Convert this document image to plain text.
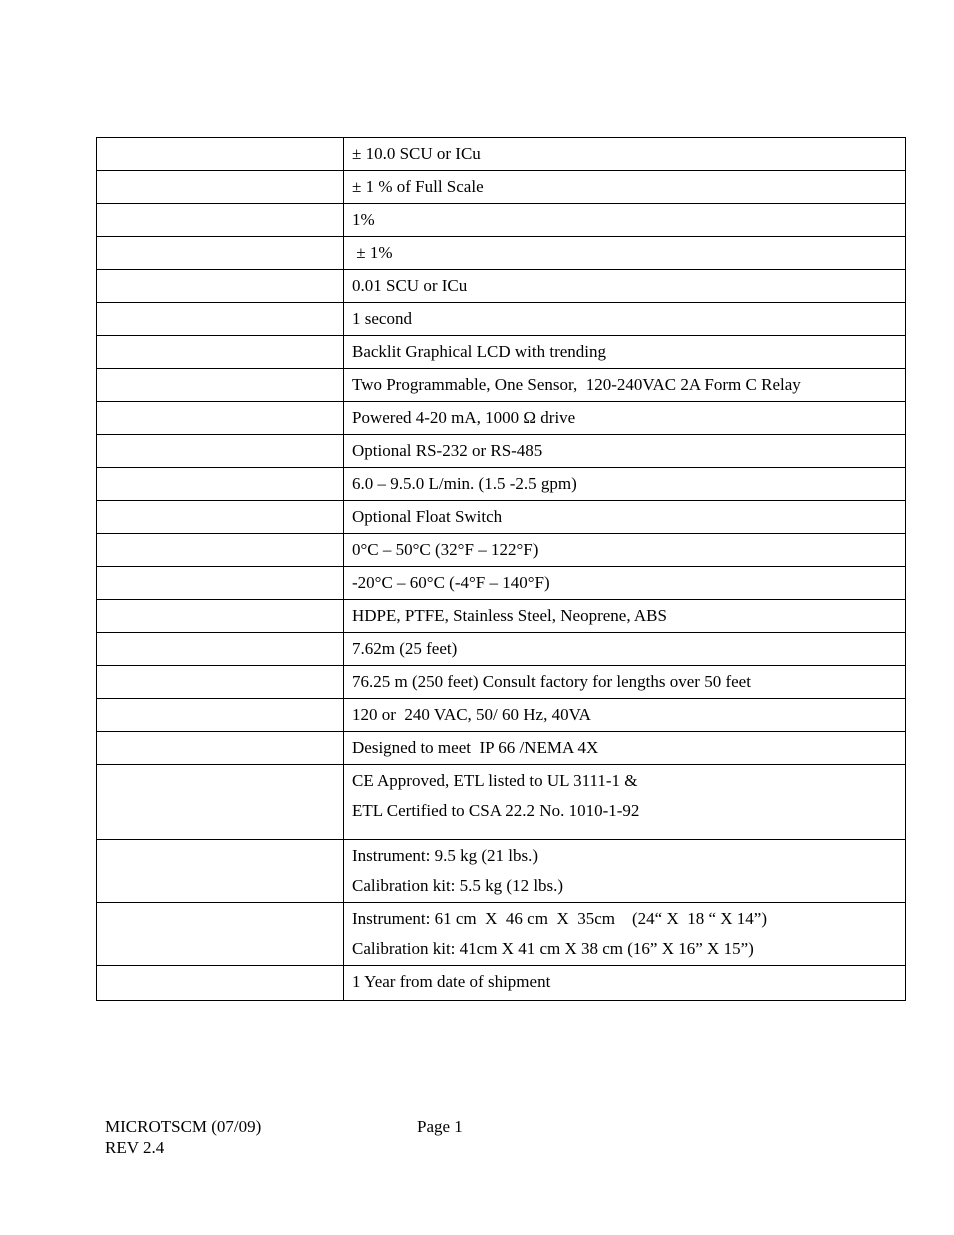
	± 10.0 SCU or ICu

	± 1 % of Full Scale

	1%

	± 1%

	0.01 SCU or ICu

	1 second

	Backlit Graphical LCD with trending

	Two Programmable, One Sensor,  120-240VAC 2A Form C Relay

	Powered 4-20 mA, 1000 Ω drive

	Optional RS-232 or RS-485

	6.0 – 9.5.0 L/min. (1.5 -2.5 gpm)

	Optional Float Switch

	0°C – 50°C (32°F – 122°F)

	-20°C – 60°C (-4°F – 140°F)

	HDPE, PTFE, Stainless Steel, Neoprene, ABS

	7.62m (25 feet)

	76.25 m (250 feet) Consult factory for lengths over 50 feet

	120 or  240 VAC, 50/ 60 Hz, 40VA

	Designed to meet  IP 66 /NEMA 4X

	CE Approved, ETL listed to UL 3111-1 &
ETL Certified to CSA 22.2 No. 1010-1-92

	Instrument: 9.5 kg (21 lbs.)
Calibration kit: 5.5 kg (12 lbs.)

	Instrument: 61 cm  X  46 cm  X  35cm    (24“ X  18 “ X 14”)
Calibration kit: 41cm X 41 cm X 38 cm (16” X 16” X 15”)

	1 Year from date of shipment
MICROTSCM (07/09)
REV 2.4
Page 1
